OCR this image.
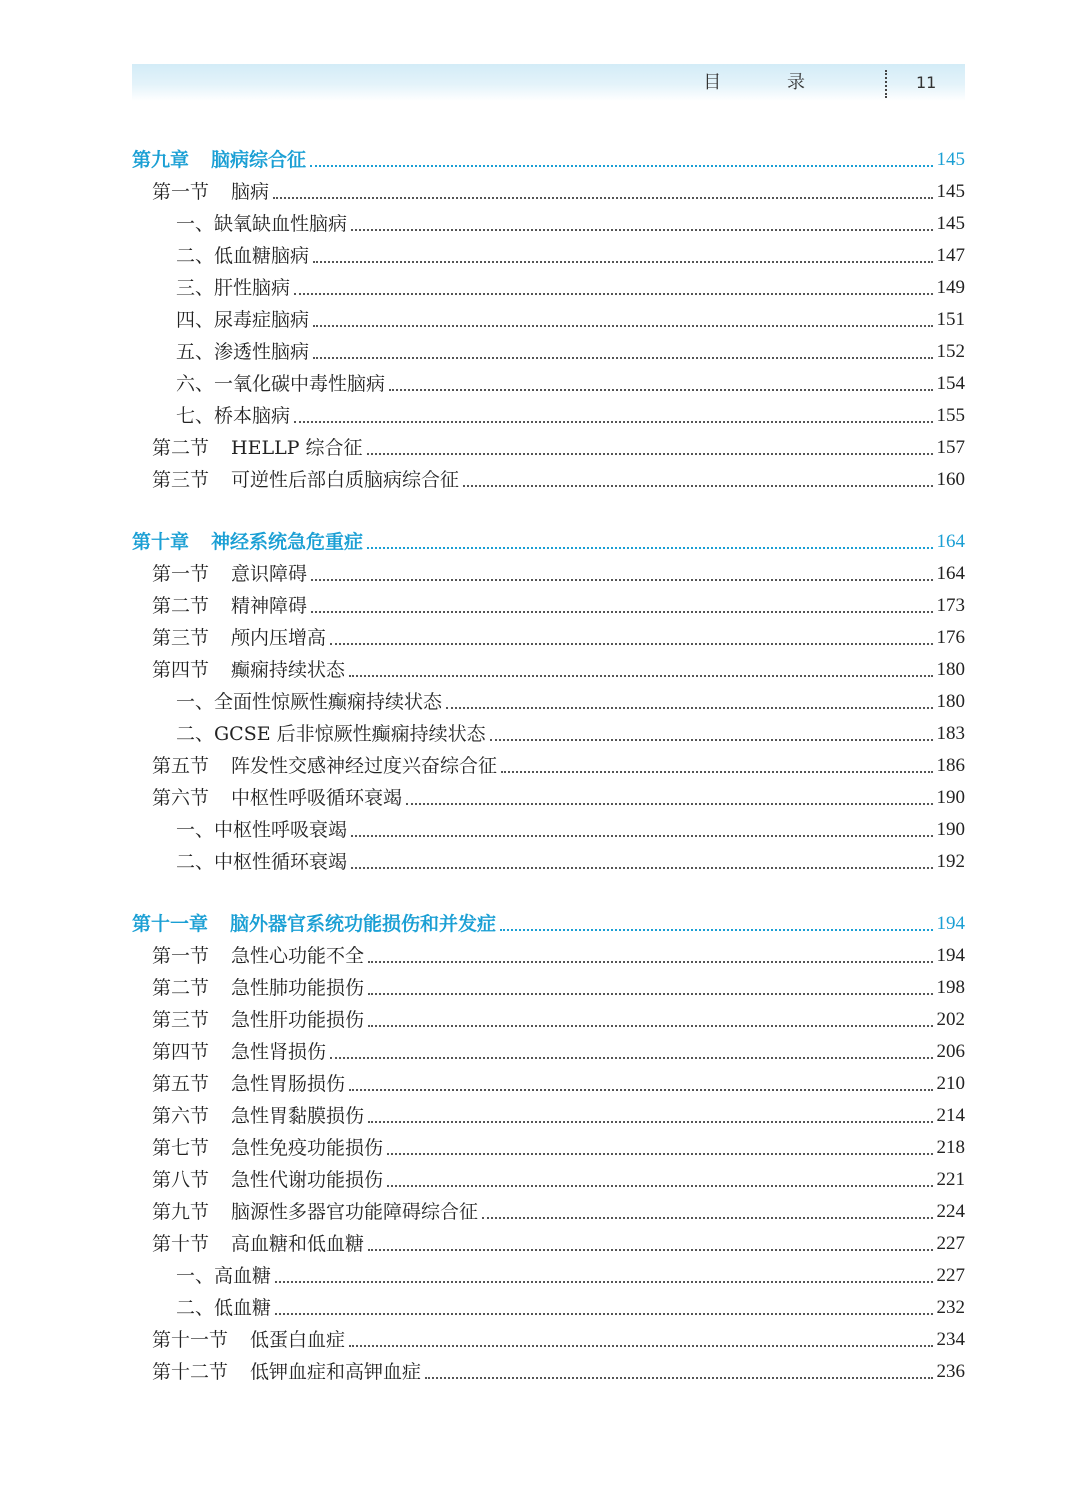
目 录	11
第九章 脑病综合征	145
第一节 脑病	145
一、缺氧缺血性脑病	145
二、低血糖脑病	147
三、肝性脑病	149
四、尿毒症脑病	151
五、渗透性脑病	152
六、一氧化碳中毒性脑病	154
七、桥本脑病	155
第二节 HELLP 综合征	157
第三节 可逆性后部白质脑病综合征	160
第十章 神经系统急危重症	164
第一节 意识障碍	164
第二节 精神障碍	173
第三节 颅内压增高	176
第四节 癫痫持续状态	180
一、全面性惊厥性癫痫持续状态	180
二、GCSE 后非惊厥性癫痫持续状态	183
第五节 阵发性交感神经过度兴奋综合征	186
第六节 中枢性呼吸循环衰竭	190
一、中枢性呼吸衰竭	190
二、中枢性循环衰竭	192
第十一章 脑外器官系统功能损伤和并发症	194
第一节 急性心功能不全	194
第二节 急性肺功能损伤	198
第三节 急性肝功能损伤	202
第四节 急性肾损伤	206
第五节 急性胃肠损伤	210
第六节 急性胃黏膜损伤	214
第七节 急性免疫功能损伤	218
第八节 急性代谢功能损伤	221
第九节 脑源性多器官功能障碍综合征	224
第十节 高血糖和低血糖	227
一、高血糖	227
二、低血糖	232
第十一节 低蛋白血症	234
第十二节 低钾血症和高钾血症	236
